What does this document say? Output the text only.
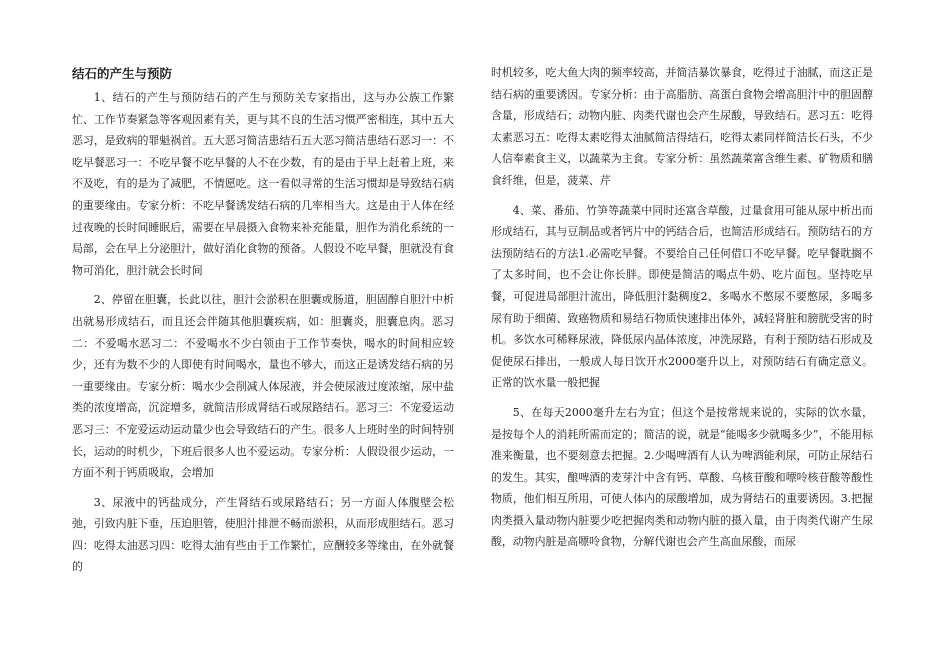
结石的产生与预防

1、结石的产生与预防结石的产生与预防关专家指出，这与办公族工作繁忙、工作节奏紧急等客观因素有关，更与其不良的生活习惯严密相连，其中五大恶习，是致病的罪魁祸首。五大恶习简洁患结石五大恶习简洁患结石恶习一：不吃早餐恶习一：不吃早餐不吃早餐的人不在少数，有的是由于早上赶着上班，来不及吃，有的是为了减肥，不情愿吃。这一看似寻常的生活习惯却是导致结石病的重要缘由。专家分析：不吃早餐诱发结石病的几率相当大。这是由于人体在经过夜晚的长时间睡眠后，需要在早晨摄入食物来补充能量，胆作为消化系统的一局部，会在早上分泌胆汁，做好消化食物的预备。人假设不吃早餐，胆就没有食物可消化，胆汁就会长时间

2、停留在胆囊，长此以往，胆汁会淤积在胆囊或肠道，胆固醇自胆汁中析出就易形成结石，而且还会伴随其他胆囊疾病，如：胆囊炎，胆囊息肉。恶习二：不爱喝水恶习二：不爱喝水不少白领由于工作节奏快，喝水的时间相应较少，还有为数不少的人即使有时间喝水，量也不够大，而这正是诱发结石病的另一重要缘由。专家分析：喝水少会削减人体尿液，并会使尿液过度浓缩，尿中盐类的浓度增高，沉淀增多，就简洁形成肾结石或尿路结石。恶习三：不宠爱运动恶习三：不宠爱运动运动量少也会导致结石的产生。很多人上班时坐的时间特别长，运动的时机少，下班后很多人也不爱运动。专家分析：人假设很少运动，一方面不利于钙质吸取，会增加

3、尿液中的钙盐成分，产生肾结石或尿路结石；另一方面人体腹壁会松弛，引致内脏下垂，压迫胆管，使胆汁排泄不畅而淤积，从而形成胆结石。恶习四：吃得太油恶习四：吃得太油有些由于工作繁忙，应酬较多等缘由，在外就餐的

时机较多，吃大鱼大肉的频率较高，并简洁暴饮暴食，吃得过于油腻，而这正是结石病的重要诱因。专家分析：由于高脂肪、高蛋白食物会增高胆汁中的胆固醇含量，形成结石；动物内脏、肉类代谢也会产生尿酸，导致结石。恶习五：吃得太素恶习五：吃得太素吃得太油腻简洁得结石，吃得太素同样简洁长石头，不少人信奉素食主义，以蔬菜为主食。专家分析：虽然蔬菜富含维生素、矿物质和膳食纤维，但是，菠菜、芹

4、菜、番茄、竹笋等蔬菜中同时还富含草酸，过量食用可能从尿中析出而形成结石，其与豆制品或者钙片中的钙结合后，也简洁形成结石。预防结石的方法预防结石的方法1.必需吃早餐。不要给自己任何借口不吃早餐。吃早餐耽搁不了太多时间，也不会让你长胖。即使是简洁的喝点牛奶、吃片面包。坚持吃早餐，可促进局部胆汁流出，降低胆汁黏稠度2、多喝水不憋尿不要憋尿，多喝多尿有助于细菌、致癌物质和易结石物质快速排出体外，减轻肾脏和膀胱受害的时机。多饮水可稀释尿液，降低尿内晶体浓度，冲洗尿路，有利于预防结石形成及促使尿石排出，一般成人每日饮开水2000毫升以上，对预防结石有确定意义。正常的饮水量一般把握

5、在每天2000毫升左右为宜；但这个是按常规来说的，实际的饮水量，是按每个人的消耗所需而定的；简洁的说，就是“能喝多少就喝多少”，不能用标准来衡量，也不要刻意去把握。2.少喝啤酒有人认为啤酒能利尿，可防止尿结石的发生。其实，酿啤酒的麦芽汁中含有钙、草酸、乌核苷酸和嘌呤核苷酸等酸性物质，他们相互所用，可使人体内的尿酸增加，成为肾结石的重要诱因。3.把握肉类摄入量动物内脏要少吃把握肉类和动物内脏的摄入量，由于肉类代谢产生尿酸，动物内脏是高嘌呤食物，分解代谢也会产生高血尿酸，而尿
